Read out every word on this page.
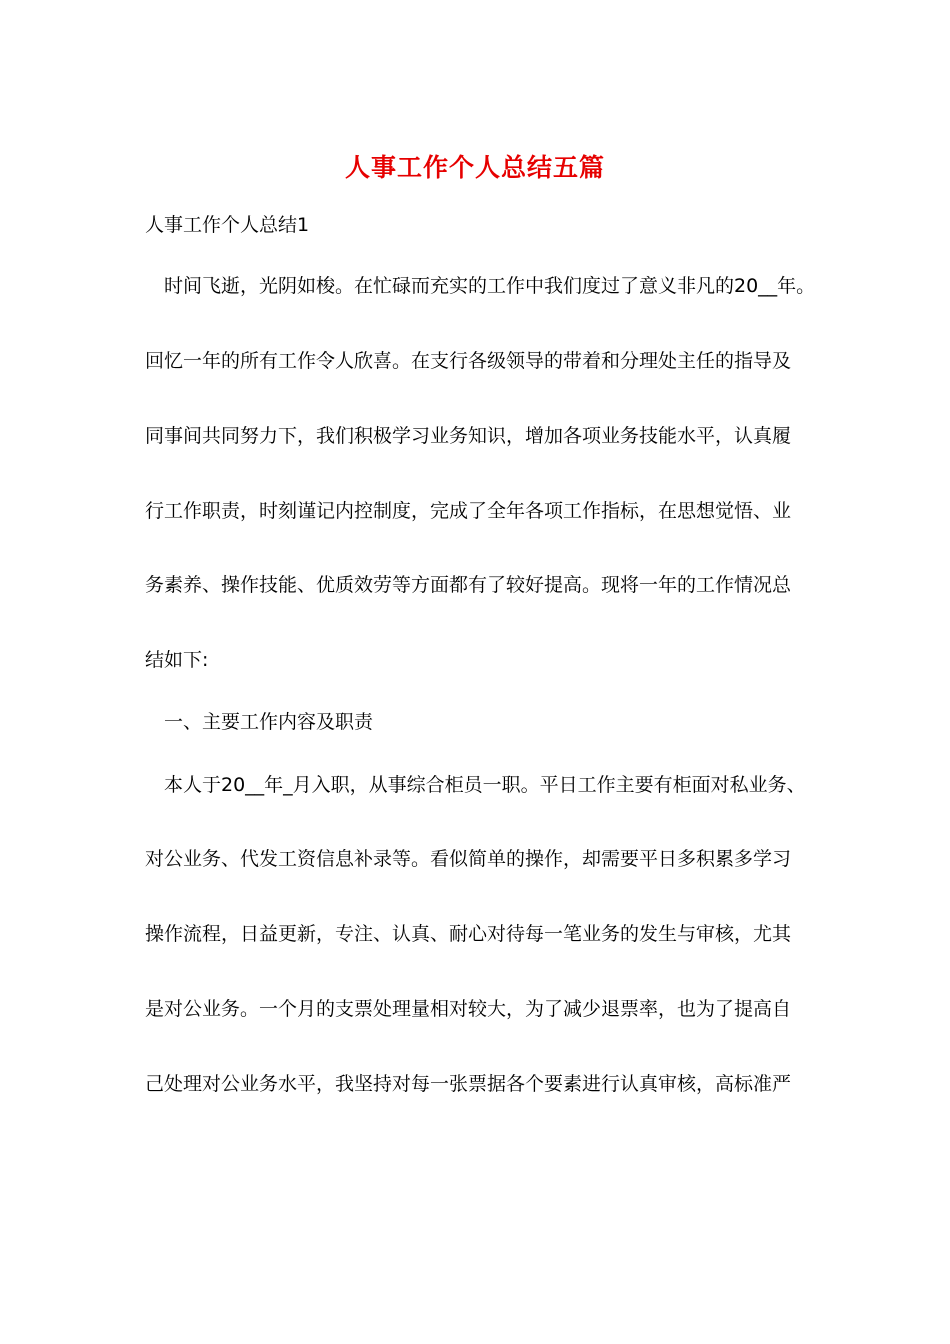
人事工作个人总结五篇
人事工作个人总结1
时间飞逝，光阴如梭。在忙碌而充实的工作中我们度过了意义非凡的20__年。
回忆一年的所有工作令人欣喜。在支行各级领导的带着和分理处主任的指导及
同事间共同努力下，我们积极学习业务知识，增加各项业务技能水平，认真履
行工作职责，时刻谨记内控制度，完成了全年各项工作指标，在思想觉悟、业
务素养、操作技能、优质效劳等方面都有了较好提高。现将一年的工作情况总
结如下:
一、主要工作内容及职责
本人于20__年_月入职，从事综合柜员一职。平日工作主要有柜面对私业务、
对公业务、代发工资信息补录等。看似简单的操作，却需要平日多积累多学习
操作流程，日益更新，专注、认真、耐心对待每一笔业务的发生与审核，尤其
是对公业务。一个月的支票处理量相对较大，为了减少退票率，也为了提高自
己处理对公业务水平，我坚持对每一张票据各个要素进行认真审核，高标准严
